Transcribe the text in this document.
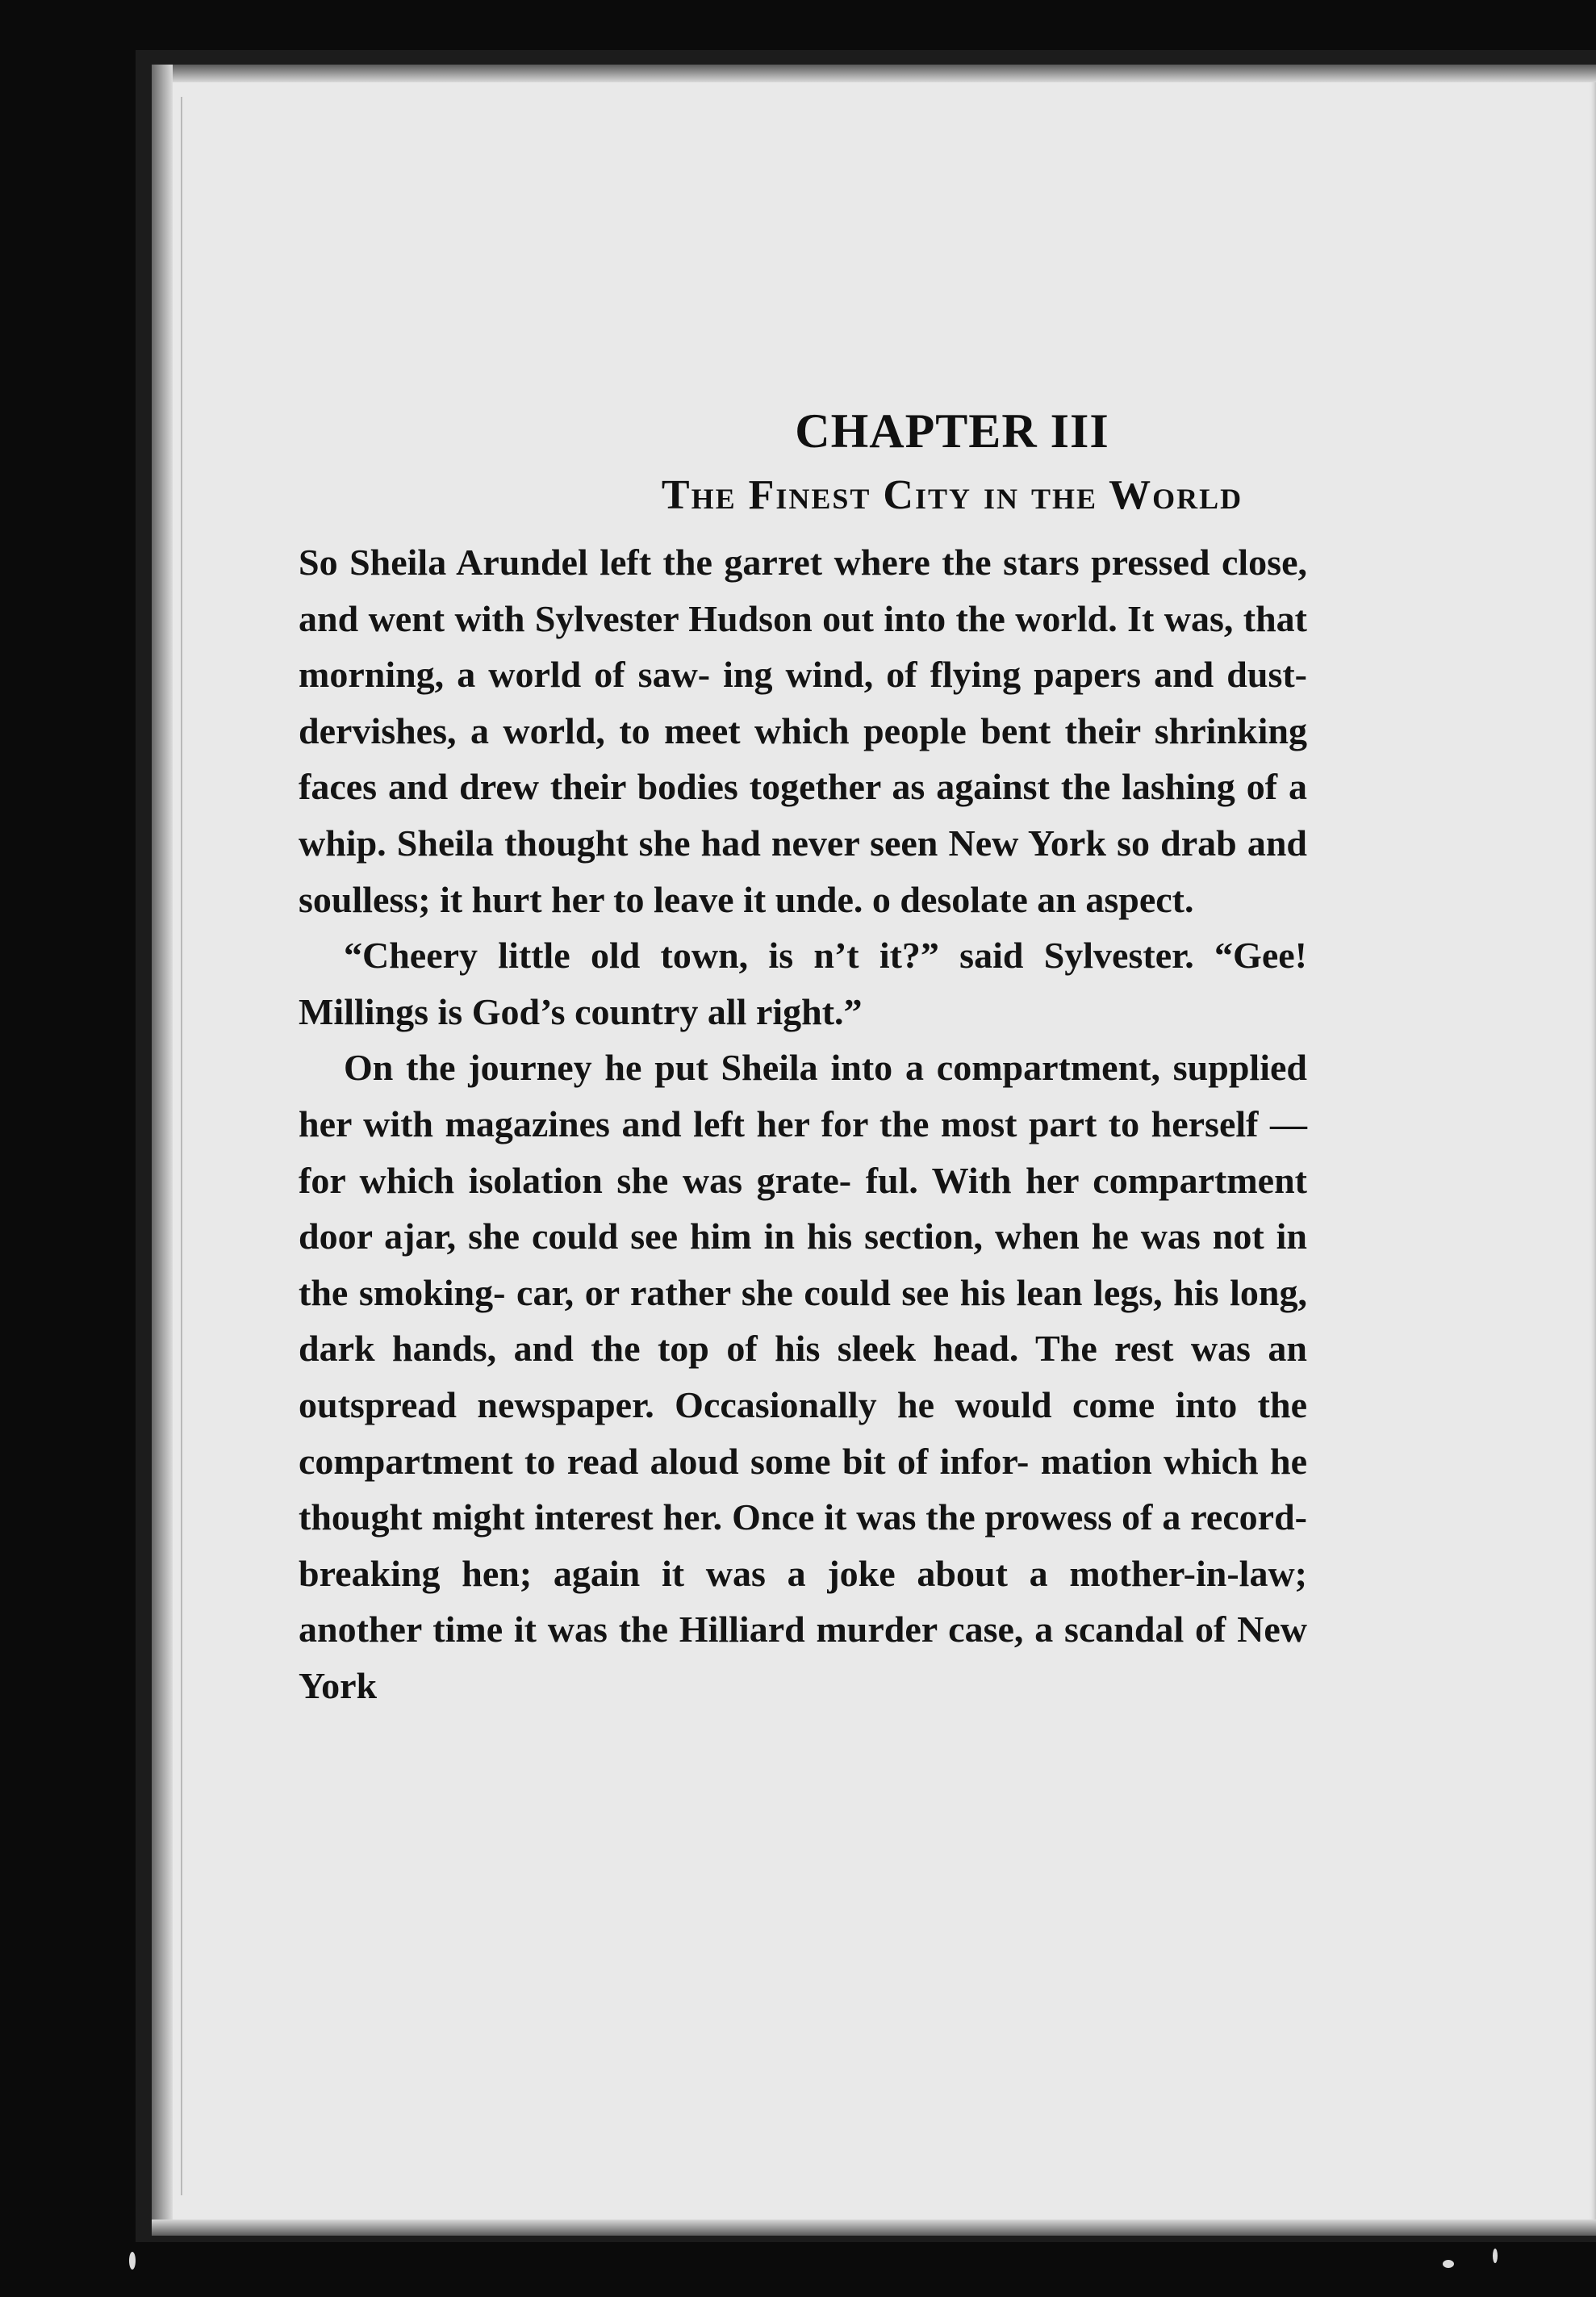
CHAPTER III
The Finest City in the World

So Sheila Arundel left the garret where the stars pressed close, and went with Sylvester Hudson out into the world. It was, that morning, a world of saw- ing wind, of flying papers and dust-dervishes, a world, to meet which people bent their shrinking faces and drew their bodies together as against the lashing of a whip. Sheila thought she had never seen New York so drab and soulless; it hurt her to leave it unde. o desolate an aspect.

“Cheery little old town, is n’t it?” said Sylvester. “Gee! Millings is God’s country all right.”

On the journey he put Sheila into a compartment, supplied her with magazines and left her for the most part to herself — for which isolation she was grate- ful. With her compartment door ajar, she could see him in his section, when he was not in the smoking- car, or rather she could see his lean legs, his long, dark hands, and the top of his sleek head. The rest was an outspread newspaper. Occasionally he would come into the compartment to read aloud some bit of infor- mation which he thought might interest her. Once it was the prowess of a record-breaking hen; again it was a joke about a mother-in-law; another time it was the Hilliard murder case, a scandal of New York
